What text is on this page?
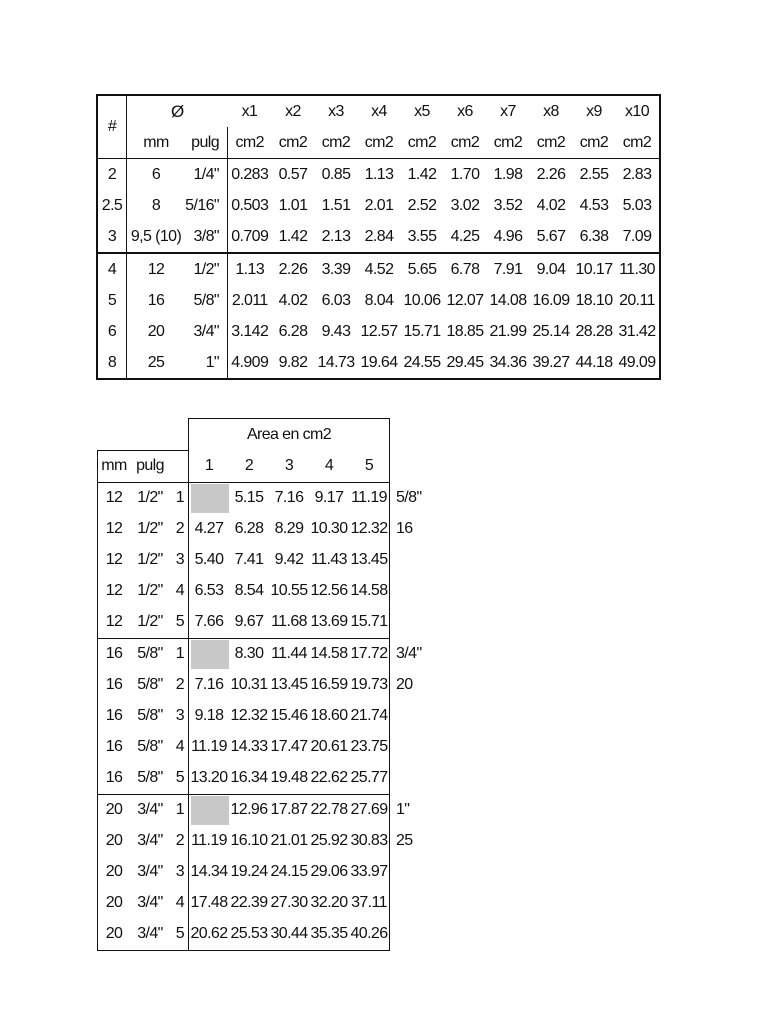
#	Ø		x1	x2	x3	x4	x5	x6	x7	x8	x9	x10
	mm	pulg	cm2	cm2	cm2	cm2	cm2	cm2	cm2	cm2	cm2	cm2
2	6	1/4"	0.283	0.57	0.85	1.13	1.42	1.70	1.98	2.26	2.55	2.83
2.5	8	5/16"	0.503	1.01	1.51	2.01	2.52	3.02	3.52	4.02	4.53	5.03
3	9,5 (10)	3/8"	0.709	1.42	2.13	2.84	3.55	4.25	4.96	5.67	6.38	7.09
4	12	1/2"	1.13	2.26	3.39	4.52	5.65	6.78	7.91	9.04	10.17	11.30
5	16	5/8"	2.011	4.02	6.03	8.04	10.06	12.07	14.08	16.09	18.10	20.11
6	20	3/4"	3.142	6.28	9.43	12.57	15.71	18.85	21.99	25.14	28.28	31.42
8	25	1"	4.909	9.82	14.73	19.64	24.55	29.45	34.36	39.27	44.18	49.09
			Area en cm2					
mm	pulg		1	2	3	4	5	
12	1/2"	1		5.15	7.16	9.17	11.19	5/8"
12	1/2"	2	4.27	6.28	8.29	10.30	12.32	16
12	1/2"	3	5.40	7.41	9.42	11.43	13.45	
12	1/2"	4	6.53	8.54	10.55	12.56	14.58	
12	1/2"	5	7.66	9.67	11.68	13.69	15.71	
16	5/8"	1		8.30	11.44	14.58	17.72	3/4"
16	5/8"	2	7.16	10.31	13.45	16.59	19.73	20
16	5/8"	3	9.18	12.32	15.46	18.60	21.74	
16	5/8"	4	11.19	14.33	17.47	20.61	23.75	
16	5/8"	5	13.20	16.34	19.48	22.62	25.77	
20	3/4"	1		12.96	17.87	22.78	27.69	1"
20	3/4"	2	11.19	16.10	21.01	25.92	30.83	25
20	3/4"	3	14.34	19.24	24.15	29.06	33.97	
20	3/4"	4	17.48	22.39	27.30	32.20	37.11	
20	3/4"	5	20.62	25.53	30.44	35.35	40.26	
